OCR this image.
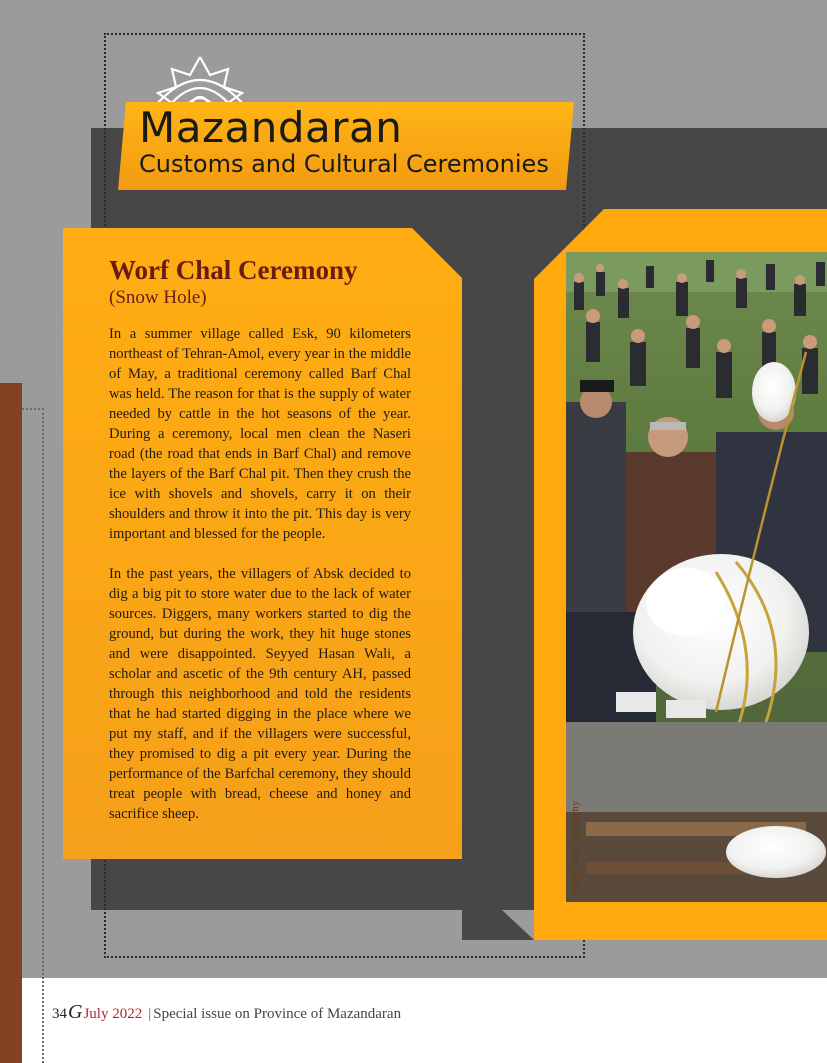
Mazandaran
Customs and Cultural Ceremonies
Worf Chal Ceremony
(Snow Hole)

In a summer village called Esk, 90 kilometers northeast of Tehran-Amol, every year in the middle of May, a traditional ceremony called Barf Chal was held. The reason for that is the supply of water needed by cattle in the hot seasons of the year. During a ceremony, local men clean the Naseri road (the road that ends in Barf Chal) and remove the layers of the Barf Chal pit. Then they crush the ice with shovels and shovels, carry it on their shoulders and throw it into the pit. This day is very important and blessed for the people.

In the past years, the villagers of Absk decided to dig a big pit to store water due to the lack of water sources. Diggers, many workers started to dig the ground, but during the work, they hit huge stones and were disappointed. Seyyed Hasan Wali, a scholar and ascetic of the 9th century AH, passed through this neighborhood and told the residents that he had started digging in the place where we put my staff, and if the villagers were successful, they promised to dig a pit every year. During the performance of the Barfchal ceremony, they should treat people with bread, cheese and honey and sacrifice sheep.	Worf Chal Ceremony
34GJuly 2022 | Special issue on Province of Mazandaran
